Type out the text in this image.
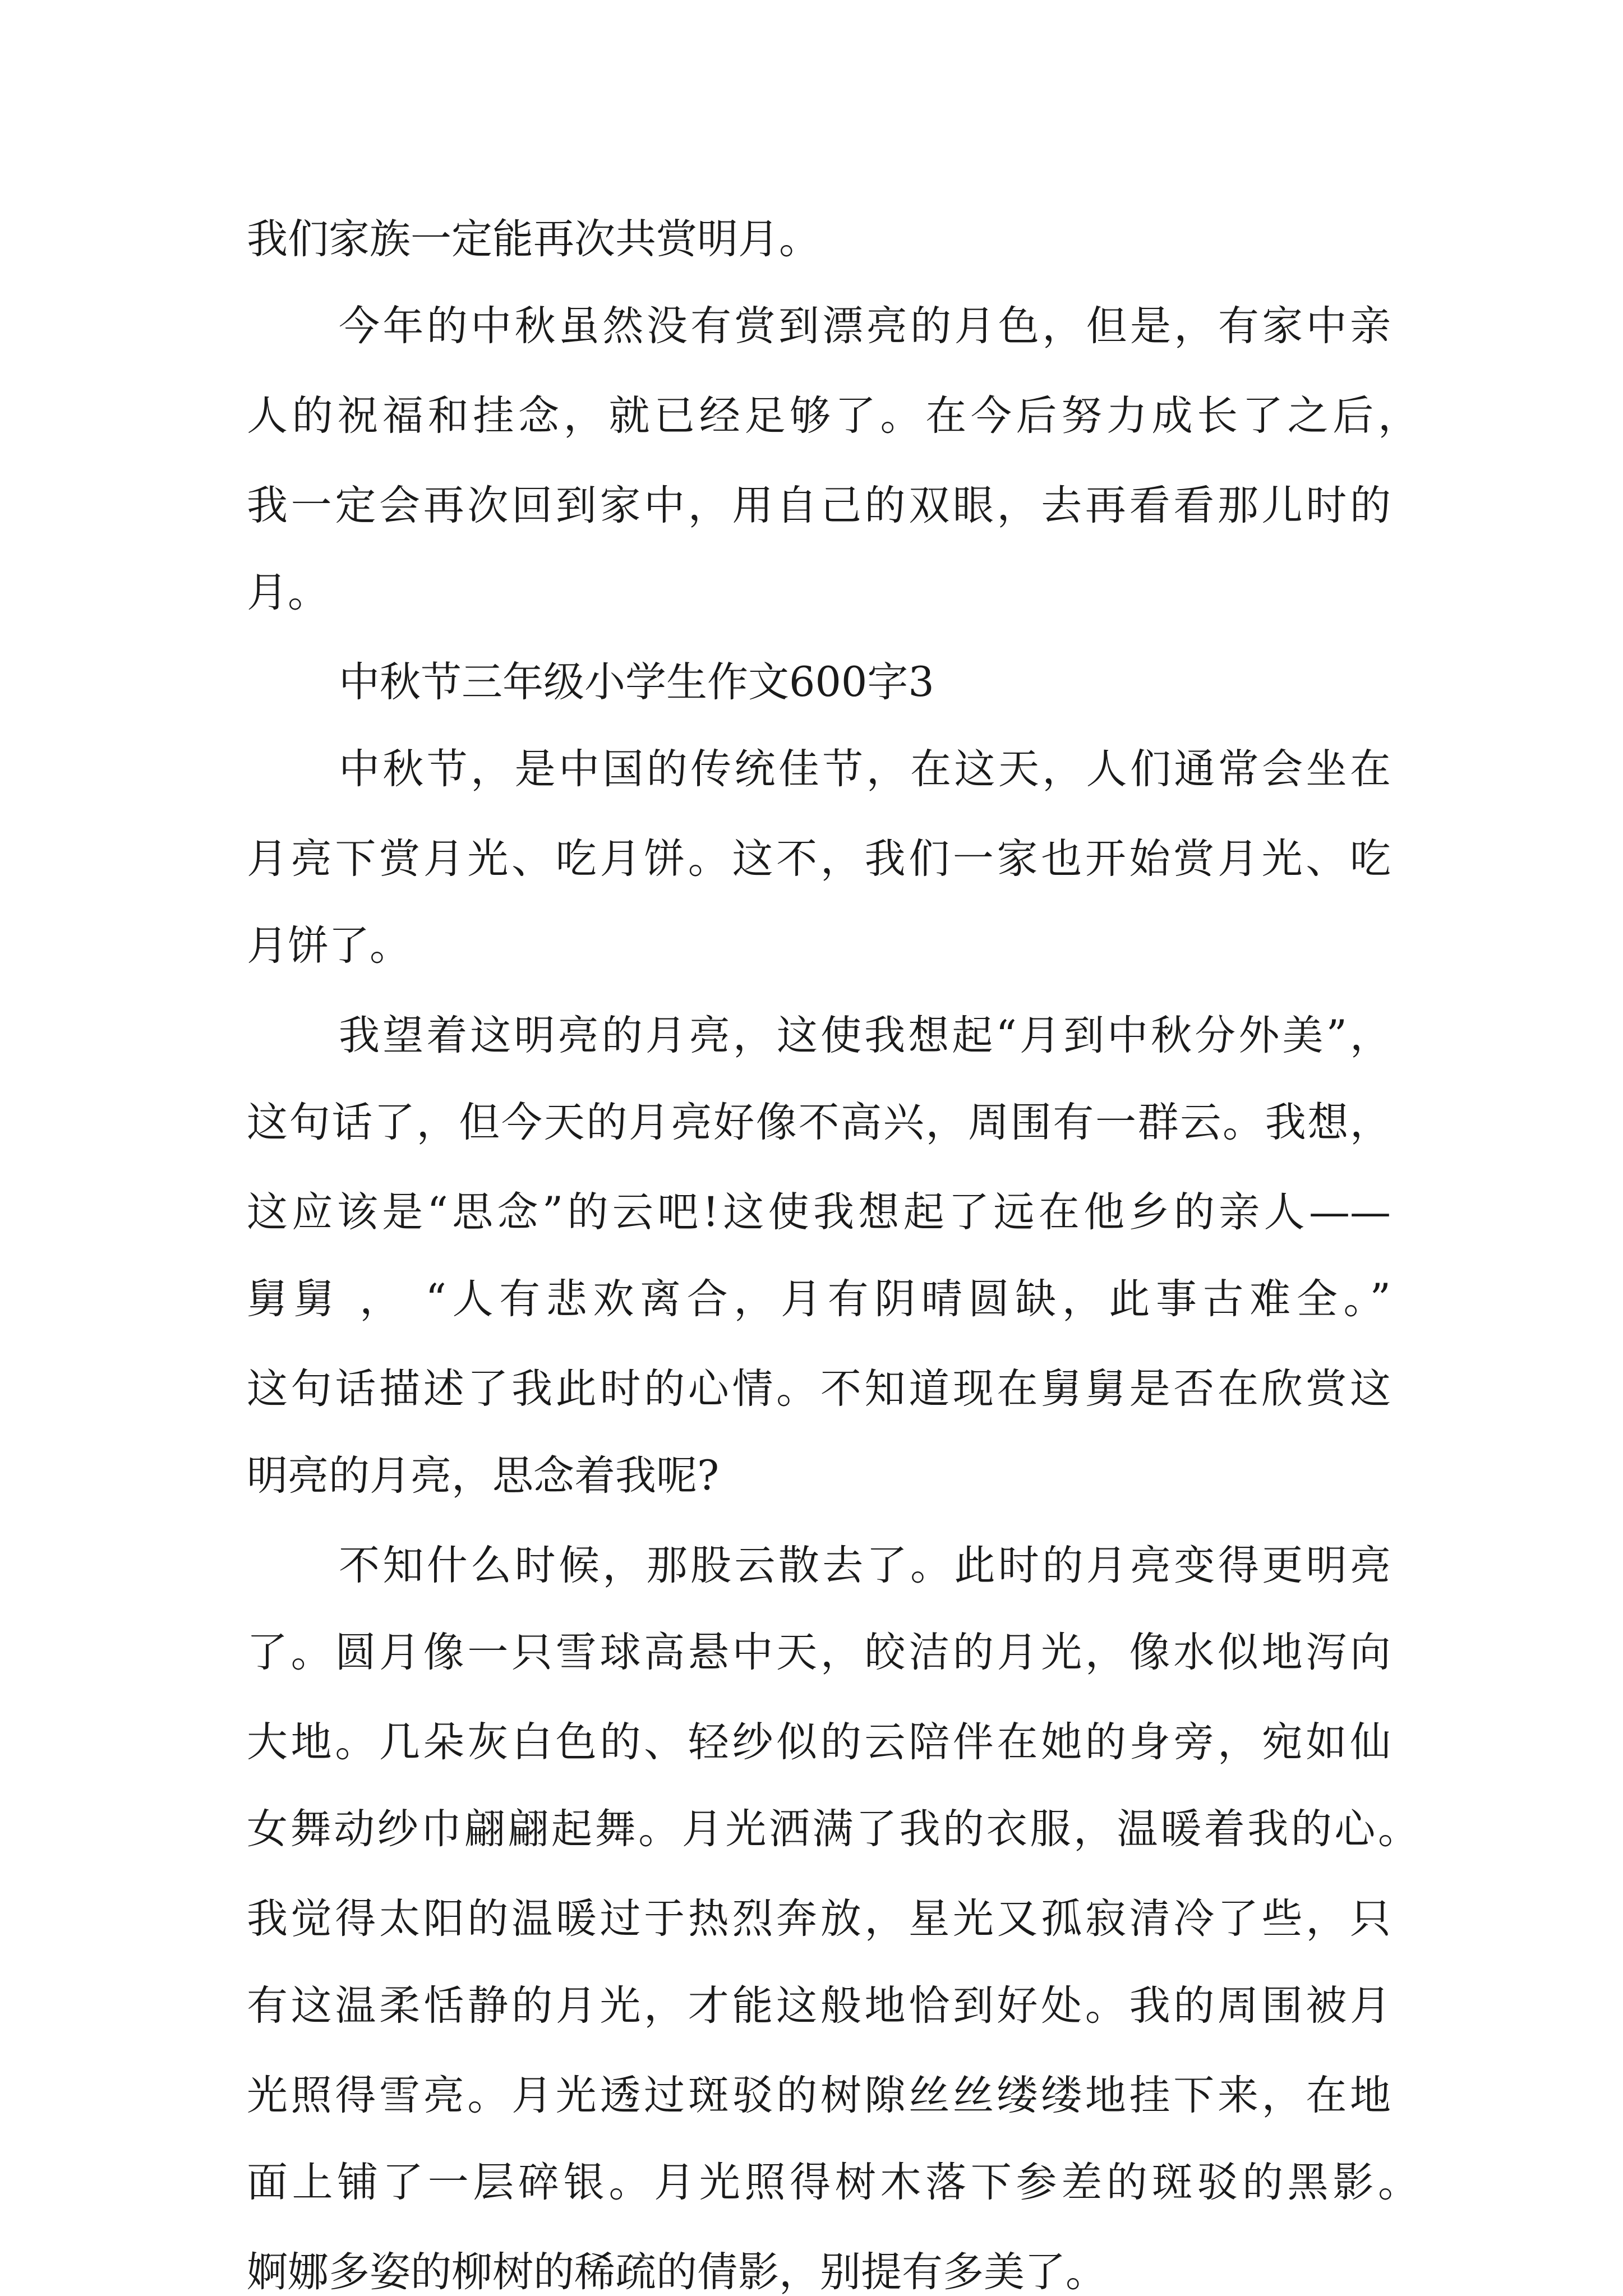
我们家族一定能再次共赏明月。

今年的中秋虽然没有赏到漂亮的月色，但是，有家中亲

人的祝福和挂念，就已经足够了。在今后努力成长了之后，

我一定会再次回到家中，用自己的双眼，去再看看那儿时的

月。

中秋节三年级小学生作文600字3

中秋节，是中国的传统佳节，在这天，人们通常会坐在

月亮下赏月光、吃月饼。这不，我们一家也开始赏月光、吃

月饼了。

我望着这明亮的月亮，这使我想起“月到中秋分外美”，

这句话了，但今天的月亮好像不高兴，周围有一群云。我想，

这应该是“思念”的云吧!这使我想起了远在他乡的亲人——

舅舅 ， “人有悲欢离合，月有阴晴圆缺，此事古难全。”

这句话描述了我此时的心情。不知道现在舅舅是否在欣赏这

明亮的月亮，思念着我呢?

不知什么时候，那股云散去了。此时的月亮变得更明亮

了。圆月像一只雪球高悬中天，皎洁的月光，像水似地泻向

大地。几朵灰白色的、轻纱似的云陪伴在她的身旁，宛如仙

女舞动纱巾翩翩起舞。月光洒满了我的衣服，温暖着我的心。

我觉得太阳的温暖过于热烈奔放，星光又孤寂清冷了些，只

有这温柔恬静的月光，才能这般地恰到好处。我的周围被月

光照得雪亮。月光透过斑驳的树隙丝丝缕缕地挂下来，在地

面上铺了一层碎银。月光照得树木落下参差的斑驳的黑影。

婀娜多姿的柳树的稀疏的倩影，别提有多美了。
